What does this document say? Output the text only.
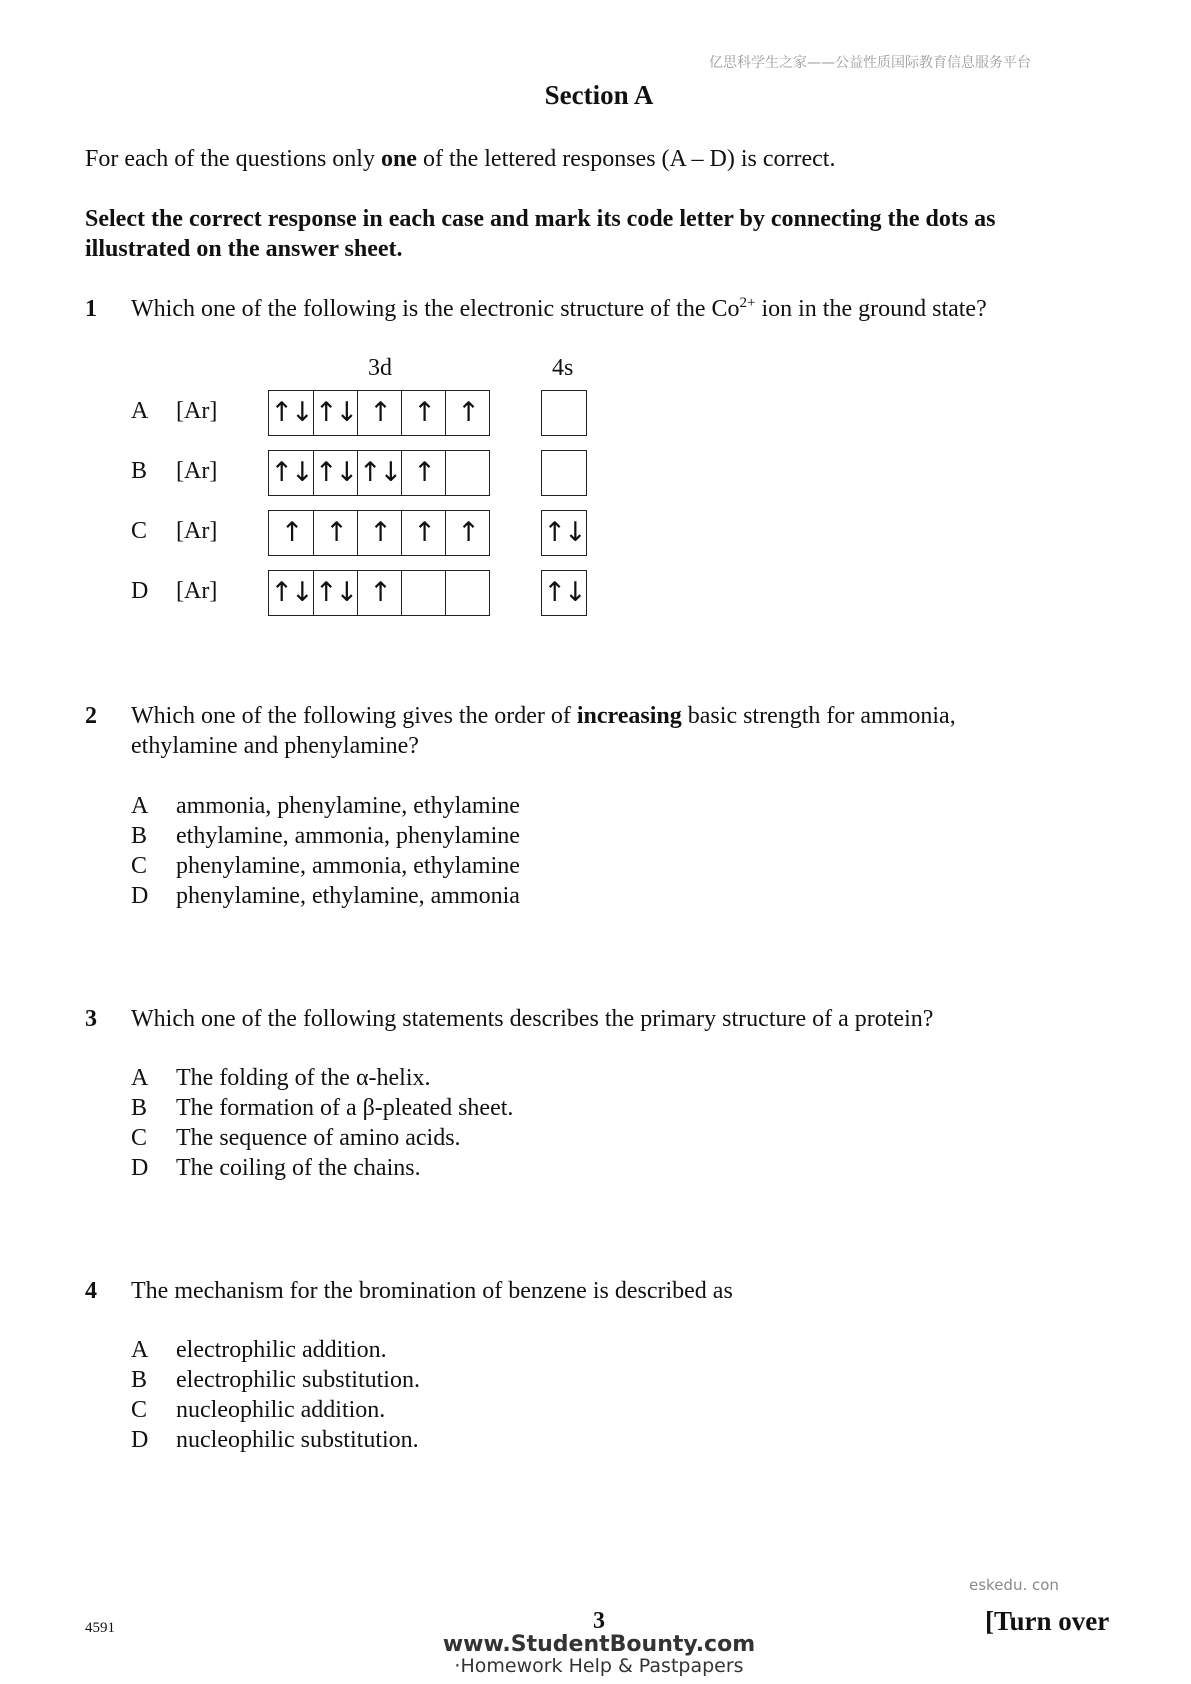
亿思科学生之家——公益性质国际教育信息服务平台
Section A
For each of the questions only one of the lettered responses (A – D) is correct.
Select the correct response in each case and mark its code letter by connecting the dots as
illustrated on the answer sheet.
1 Which one of the following is the electronic structure of the $Co^{2+}$ ion in the ground state?
3d	4s
A [Ar] ↑↓ ↑↓ ↑ ↑ ↑
B [Ar] ↑↓ ↑↓ ↑↓ ↑
C [Ar]	↑ ↑ ↑ ↑ ↑	↑↓
D [Ar] ↑↓ ↑↓ ↑	↑↓
2 Which one of the following gives the order of increasing basic strength for ammonia,
ethylamine and phenylamine?
A	ammonia, phenylamine, ethylamine
B	ethylamine, ammonia, phenylamine
C	phenylamine, ammonia, ethylamine
D	phenylamine, ethylamine, ammonia
3 Which one of the following statements describes the primary structure of a protein?
A	The folding of the α-helix.
B	The formation of a β-pleated sheet.
C	The sequence of amino acids.
D	The coiling of the chains.
4 The mechanism for the bromination of benzene is described as
A	electrophilic addition.
B	electrophilic substitution.
C	nucleophilic addition.
D	nucleophilic substitution.
eskedu. con
4591	3	[Turn over
www.StudentBounty.com
·Homework Help & Pastpapers
